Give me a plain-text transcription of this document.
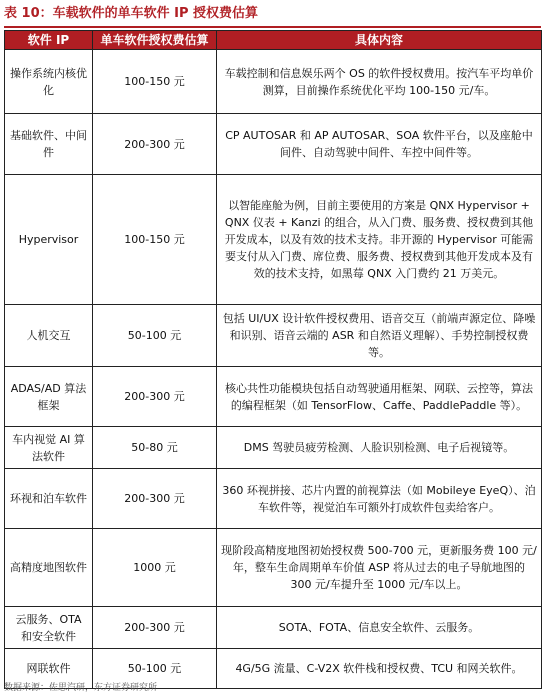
表 10：车载软件的单车软件 IP 授权费估算
软件 IP	单车软件授权费估算	具体内容
操作系统内核优化	100-150 元	车载控制和信息娱乐两个 OS 的软件授权费用。按汽车平均单价测算，目前操作系统优化平均 100-150 元/车。
基础软件、中间件	200-300 元	CP AUTOSAR 和 AP AUTOSAR、SOA 软件平台，以及座舱中间件、自动驾驶中间件、车控中间件等。
Hypervisor	100-150 元	以智能座舱为例，目前主要使用的方案是 QNX Hypervisor + QNX 仪表 + Kanzi 的组合，从入门费、服务费、授权费到其他开发成本，以及有效的技术支持。非开源的 Hypervisor 可能需要支付从入门费、席位费、服务费、授权费到其他开发成本及有效的技术支持，如黑莓 QNX 入门费约 21 万美元。
人机交互	50-100 元	包括 UI/UX 设计软件授权费用、语音交互（前端声源定位、降噪和识别、语音云端的 ASR 和自然语义理解）、手势控制授权费等。
ADAS/AD 算法框架	200-300 元	核心共性功能模块包括自动驾驶通用框架、网联、云控等，算法的编程框架（如 TensorFlow、Caffe、PaddlePaddle 等）。
车内视觉 AI 算法软件	50-80 元	DMS 驾驶员疲劳检测、人脸识别检测、电子后视镜等。
环视和泊车软件	200-300 元	360 环视拼接、芯片内置的前视算法（如 Mobileye EyeQ）、泊车软件等，视觉泊车可额外打成软件包卖给客户。
高精度地图软件	1000 元	现阶段高精度地图初始授权费 500-700 元，更新服务费 100 元/年，整车生命周期单车价值 ASP 将从过去的电子导航地图的 300 元/车提升至 1000 元/车以上。
云服务、OTA 和安全软件	200-300 元	SOTA、FOTA、信息安全软件、云服务。
网联软件	50-100 元	4G/5G 流量、C-V2X 软件栈和授权费、TCU 和网关软件。
数据来源：佐思汽研，东方证券研究所
